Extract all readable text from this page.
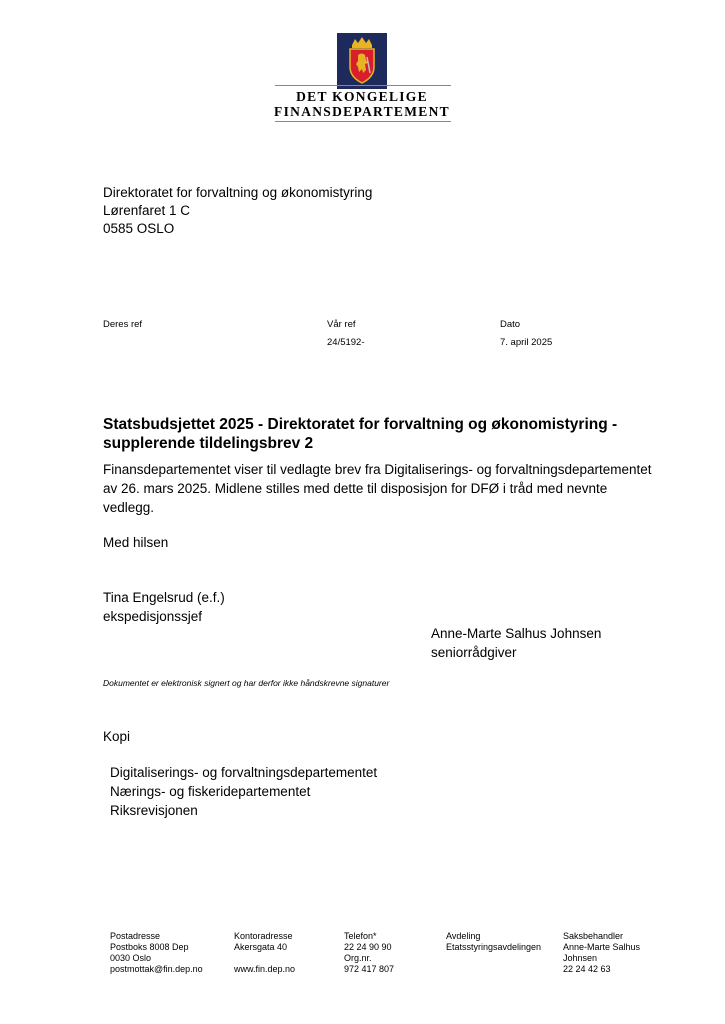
DET KONGELIGE
FINANSDEPARTEMENT
Direktoratet for forvaltning og økonomistyring
Lørenfaret 1 C
0585 OSLO
Deres ref	Vår ref
24/5192-
Dato
7. april 2025
Statsbudsjettet 2025 - Direktoratet for forvaltning og økonomistyring -
supplerende tildelingsbrev 2
Finansdepartementet viser til vedlagte brev fra Digitaliserings- og forvaltningsdepartementet
av 26. mars 2025. Midlene stilles med dette til disposisjon for DFØ i tråd med nevnte
vedlegg.
Med hilsen
Tina Engelsrud (e.f.)
ekspedisjonssjef
Anne-Marte Salhus Johnsen
seniorrådgiver
Dokumentet er elektronisk signert og har derfor ikke håndskrevne signaturer
Kopi
Digitaliserings- og forvaltningsdepartementet
Nærings- og fiskeridepartementet
Riksrevisjonen
Postadresse
Postboks 8008 Dep
0030 Oslo
postmottak@fin.dep.no
Kontoradresse
Akersgata 40
www.fin.dep.no
Telefon*
22 24 90 90
Org.nr.
972 417 807
Avdeling
Etatsstyringsavdelingen
Saksbehandler
Anne-Marte Salhus
Johnsen
22 24 42 63
